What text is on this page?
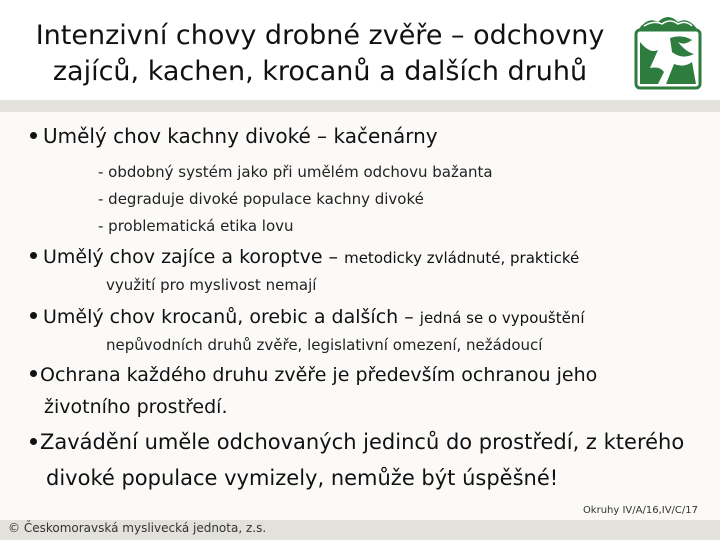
Intenzivní chovy drobné zvěře – odchovny
zajíců, kachen, krocanů a dalších druhů
Umělý chov kachny divoké – kačenárny
- obdobný systém jako při umělém odchovu bažanta
- degraduje divoké populace kachny divoké
- problematická etika lovu
Umělý chov zajíce a koroptve – metodicky zvládnuté, praktické
využití pro myslivost nemají
Umělý chov krocanů, orebic a dalších – jedná se o vypouštění
nepůvodních druhů zvěře, legislativní omezení, nežádoucí
Ochrana každého druhu zvěře je především ochranou jeho
životního prostředí.
Zavádění uměle odchovaných jedinců do prostředí, z kterého
divoké populace vymizely, nemůže být úspěšné!
Okruhy IV/A/16,IV/C/17
© Českomoravská myslivecká jednota, z.s.
